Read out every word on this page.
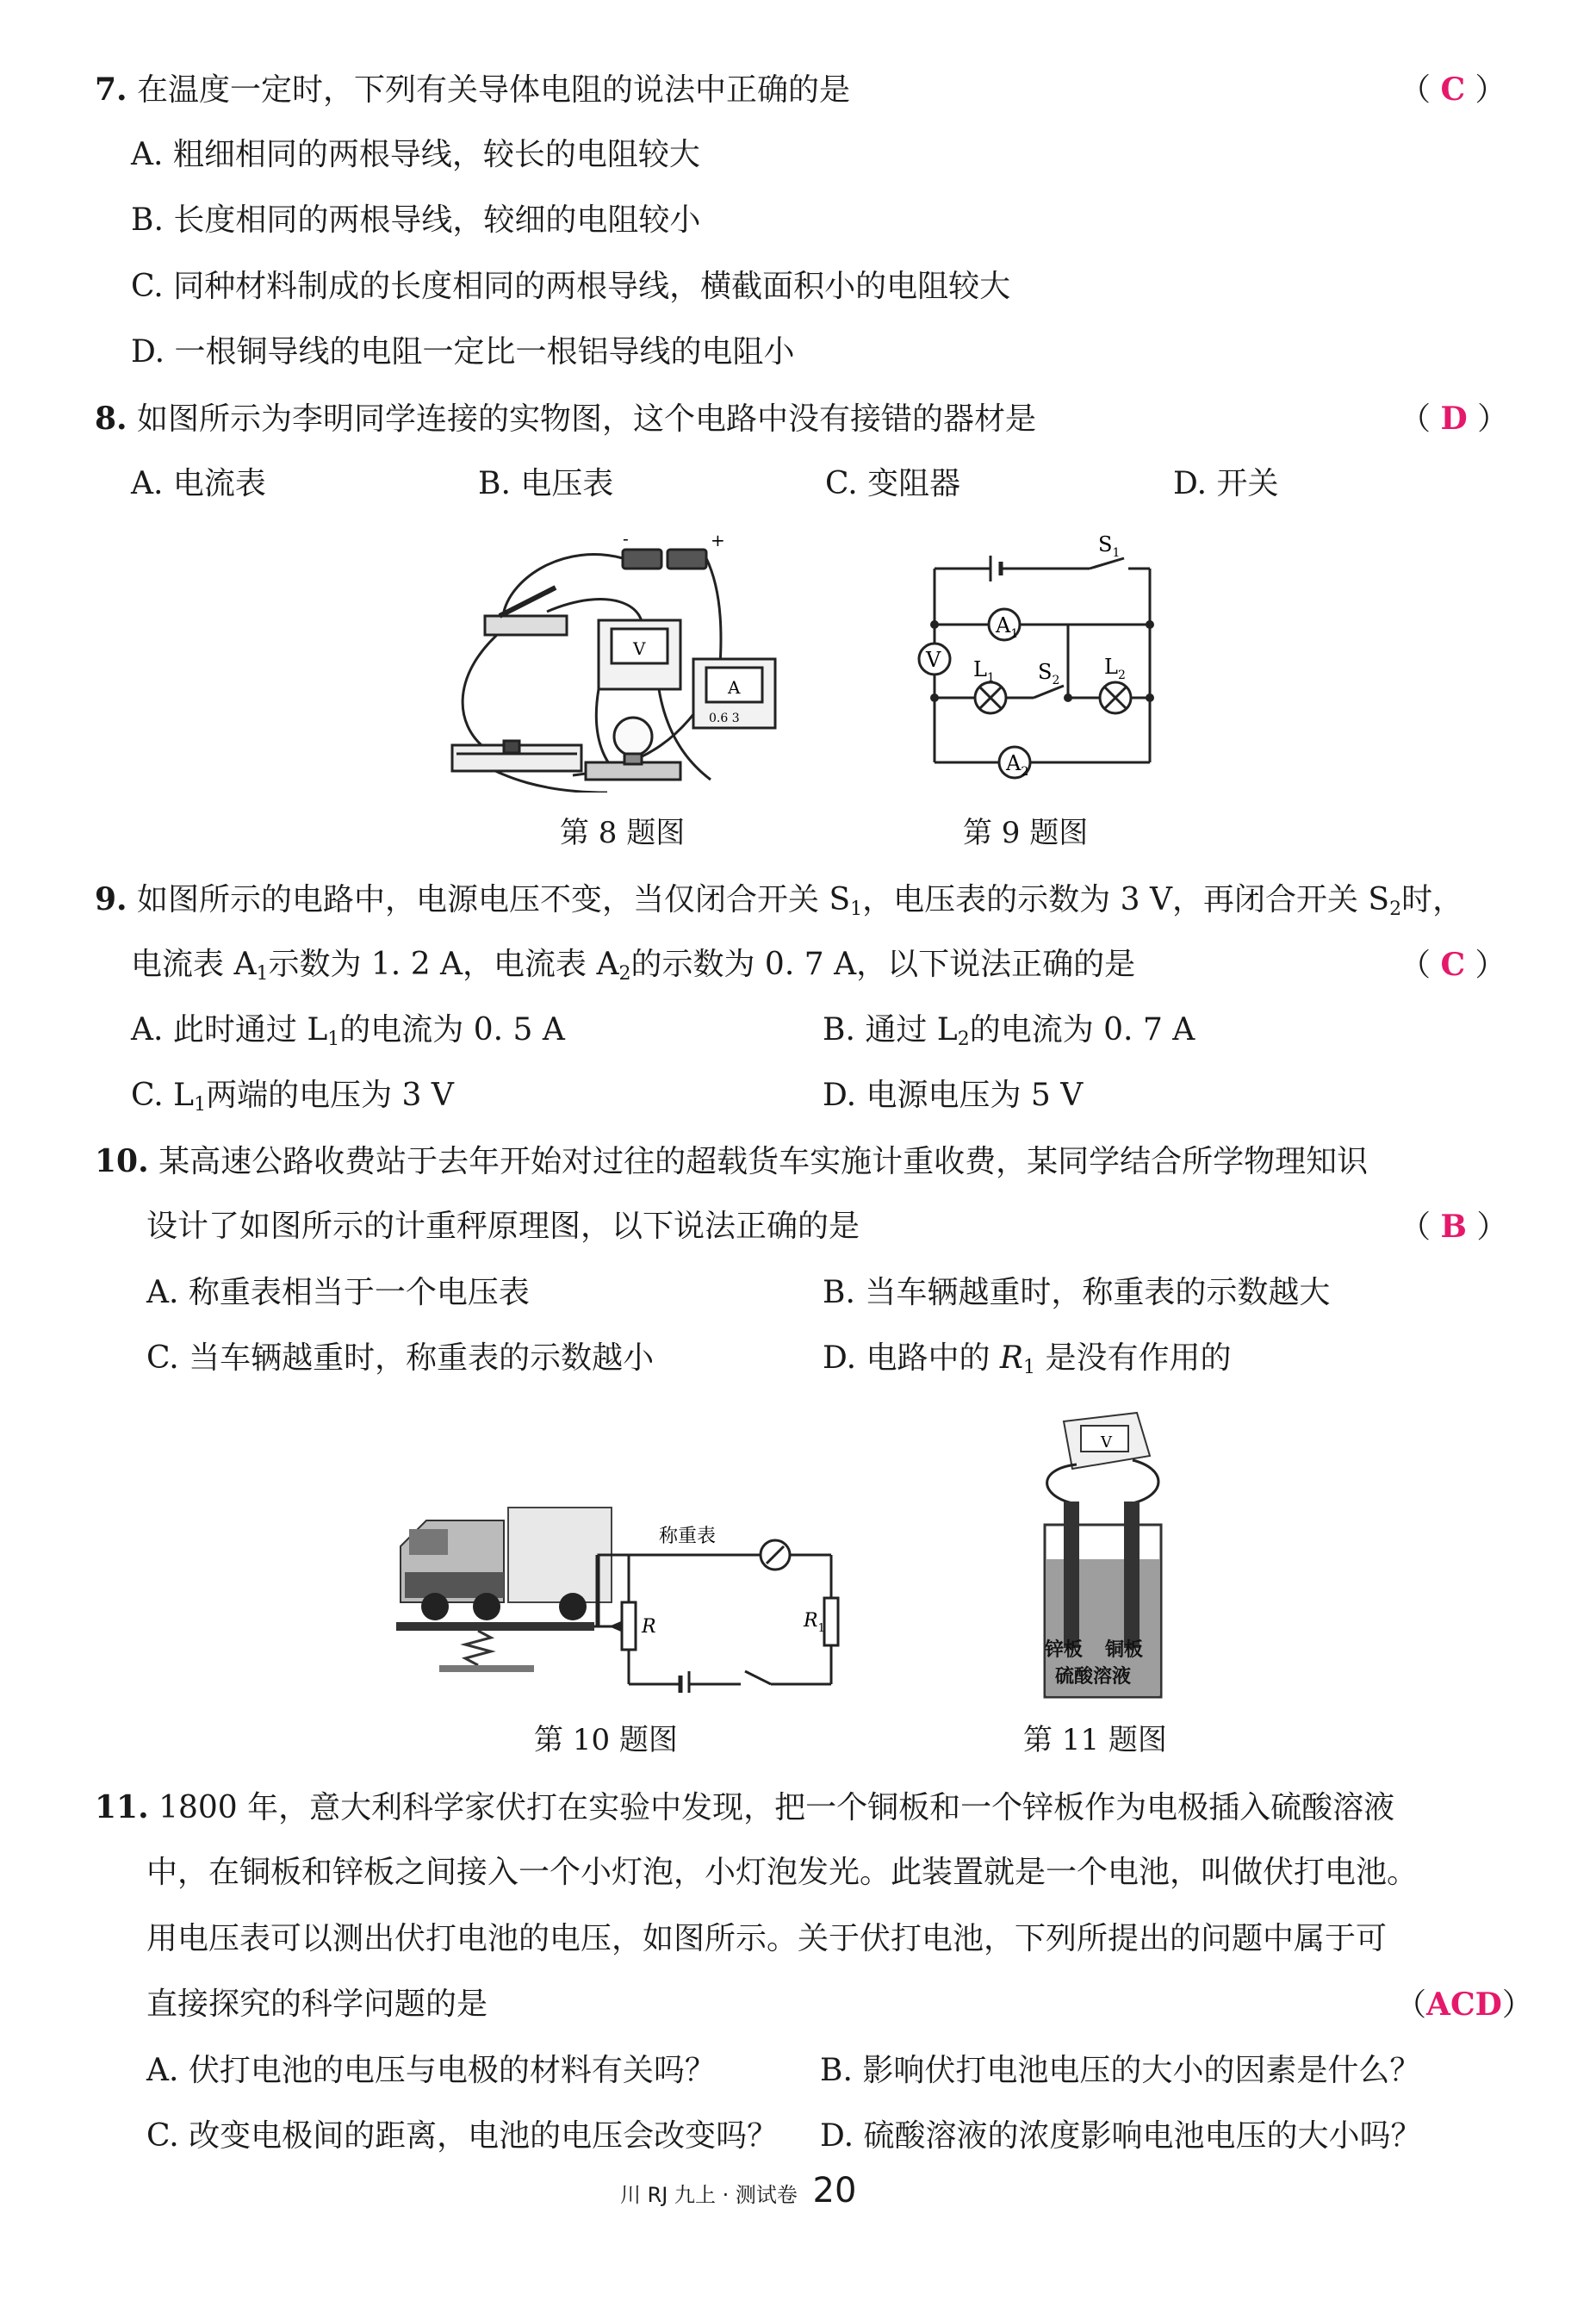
7. 在温度一定时，下列有关导体电阻的说法中正确的是	（ C ）
A. 粗细相同的两根导线，较长的电阻较大
B. 长度相同的两根导线，较细的电阻较小
C. 同种材料制成的长度相同的两根导线，横截面积小的电阻较大
D. 一根铜导线的电阻一定比一根铝导线的电阻小
8. 如图所示为李明同学连接的实物图，这个电路中没有接错的器材是	（ D ）
A. 电流表	B. 电压表	C. 变阻器	D. 开关
-	+
V
A
0.6 3
第 8 题图
$S_1$
$A_1$
V $L_1$ $S_2$
$L_2$
$A_2$
第 9 题图
9. 如图所示的电路中，电源电压不变，当仅闭合开关 $S_1$，电压表的示数为 3 V，再闭合开关 $S_2$时，
电流表 $A_1$示数为 1. 2 A，电流表 $A_2$的示数为 0. 7 A，以下说法正确的是	（ C ）
A. 此时通过 $L_1$的电流为 0. 5 A	B. 通过 $L_2$的电流为 0. 7 A
C. $L_1$两端的电压为 3 V	D. 电源电压为 5 V
10. 某高速公路收费站于去年开始对过往的超载货车实施计重收费，某同学结合所学物理知识
设计了如图所示的计重秤原理图，以下说法正确的是	（ B ）
A. 称重表相当于一个电压表	B. 当车辆越重时，称重表的示数越大
C. 当车辆越重时，称重表的示数越小	D. 电路中的 $R_1$ 是没有作用的
称重表
R	$R_1$
第 10 题图
V
锌板 铜板
硫酸溶液
第 11 题图
11. 1800 年，意大利科学家伏打在实验中发现，把一个铜板和一个锌板作为电极插入硫酸溶液
中，在铜板和锌板之间接入一个小灯泡，小灯泡发光。此装置就是一个电池，叫做伏打电池。
用电压表可以测出伏打电池的电压，如图所示。关于伏打电池，下列所提出的问题中属于可
直接探究的科学问题的是	（ACD）
A. 伏打电池的电压与电极的材料有关吗？	B. 影响伏打电池电压的大小的因素是什么？
C. 改变电极间的距离，电池的电压会改变吗？ D. 硫酸溶液的浓度影响电池电压的大小吗？
川 RJ 九上 · 测试卷 20
